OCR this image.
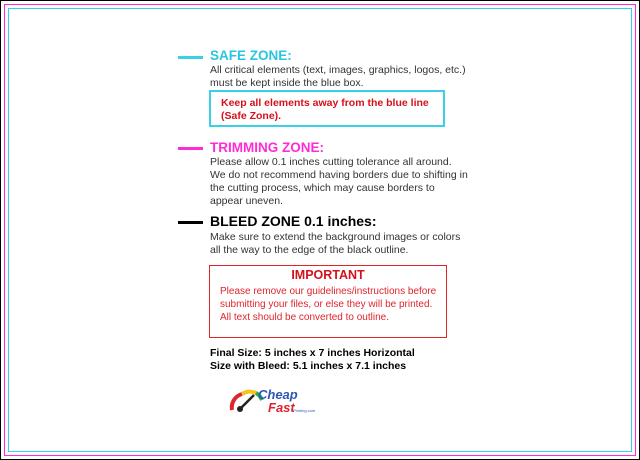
SAFE ZONE:
All critical elements (text, images, graphics, logos, etc.)
must be kept inside the blue box.
Keep all elements away from the blue line
(Safe Zone).
TRIMMING ZONE:
Please allow 0.1 inches cutting tolerance all around.
We do not recommend having borders due to shifting in
the cutting process, which may cause borders to
appear uneven.
BLEED ZONE 0.1 inches:
Make sure to extend the background images or colors
all the way to the edge of the black outline.
IMPORTANT
Please remove our guidelines/instructions before
submitting your files, or else they will be printed.
All text should be converted to outline.
Final Size: 5 inches x 7 inches Horizontal
Size with Bleed: 5.1 inches x 7.1 inches
Cheap
Fast
Printing.com
